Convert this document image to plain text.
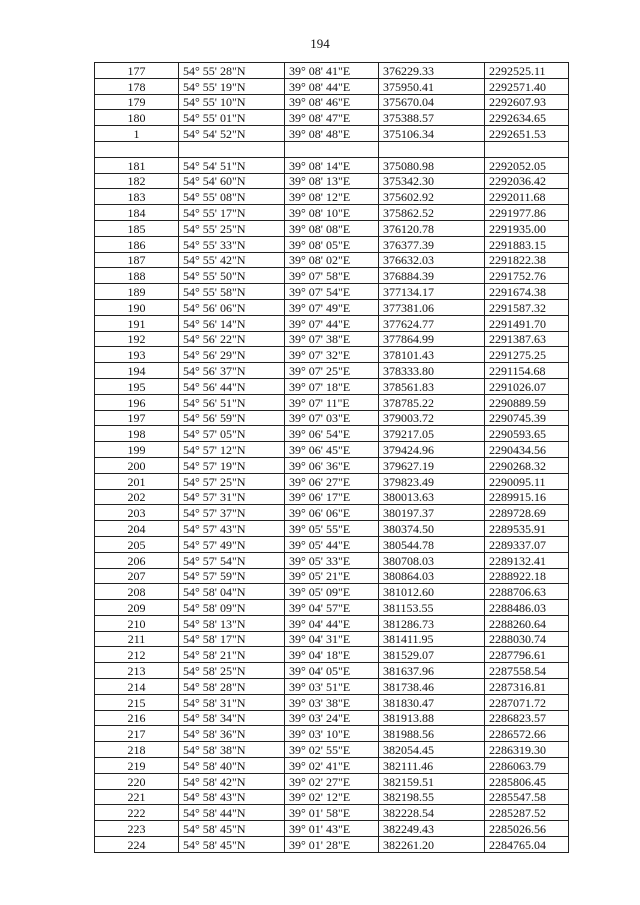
194
177	54° 55' 28"N	39° 08' 41"E	376229.33	2292525.11
178	54° 55' 19"N	39° 08' 44"E	375950.41	2292571.40
179	54° 55' 10"N	39° 08' 46"E	375670.04	2292607.93
180	54° 55' 01"N	39° 08' 47"E	375388.57	2292634.65
1	54° 54' 52"N	39° 08' 48"E	375106.34	2292651.53

181	54° 54' 51"N	39° 08' 14"E	375080.98	2292052.05
182	54° 54' 60"N	39° 08' 13"E	375342.30	2292036.42
183	54° 55' 08"N	39° 08' 12"E	375602.92	2292011.68
184	54° 55' 17"N	39° 08' 10"E	375862.52	2291977.86
185	54° 55' 25"N	39° 08' 08"E	376120.78	2291935.00
186	54° 55' 33"N	39° 08' 05"E	376377.39	2291883.15
187	54° 55' 42"N	39° 08' 02"E	376632.03	2291822.38
188	54° 55' 50"N	39° 07' 58"E	376884.39	2291752.76
189	54° 55' 58"N	39° 07' 54"E	377134.17	2291674.38
190	54° 56' 06"N	39° 07' 49"E	377381.06	2291587.32
191	54° 56' 14"N	39° 07' 44"E	377624.77	2291491.70
192	54° 56' 22"N	39° 07' 38"E	377864.99	2291387.63
193	54° 56' 29"N	39° 07' 32"E	378101.43	2291275.25
194	54° 56' 37"N	39° 07' 25"E	378333.80	2291154.68
195	54° 56' 44"N	39° 07' 18"E	378561.83	2291026.07
196	54° 56' 51"N	39° 07' 11"E	378785.22	2290889.59
197	54° 56' 59"N	39° 07' 03"E	379003.72	2290745.39
198	54° 57' 05"N	39° 06' 54"E	379217.05	2290593.65
199	54° 57' 12"N	39° 06' 45"E	379424.96	2290434.56
200	54° 57' 19"N	39° 06' 36"E	379627.19	2290268.32
201	54° 57' 25"N	39° 06' 27"E	379823.49	2290095.11
202	54° 57' 31"N	39° 06' 17"E	380013.63	2289915.16
203	54° 57' 37"N	39° 06' 06"E	380197.37	2289728.69
204	54° 57' 43"N	39° 05' 55"E	380374.50	2289535.91
205	54° 57' 49"N	39° 05' 44"E	380544.78	2289337.07
206	54° 57' 54"N	39° 05' 33"E	380708.03	2289132.41
207	54° 57' 59"N	39° 05' 21"E	380864.03	2288922.18
208	54° 58' 04"N	39° 05' 09"E	381012.60	2288706.63
209	54° 58' 09"N	39° 04' 57"E	381153.55	2288486.03
210	54° 58' 13"N	39° 04' 44"E	381286.73	2288260.64
211	54° 58' 17"N	39° 04' 31"E	381411.95	2288030.74
212	54° 58' 21"N	39° 04' 18"E	381529.07	2287796.61
213	54° 58' 25"N	39° 04' 05"E	381637.96	2287558.54
214	54° 58' 28"N	39° 03' 51"E	381738.46	2287316.81
215	54° 58' 31"N	39° 03' 38"E	381830.47	2287071.72
216	54° 58' 34"N	39° 03' 24"E	381913.88	2286823.57
217	54° 58' 36"N	39° 03' 10"E	381988.56	2286572.66
218	54° 58' 38"N	39° 02' 55"E	382054.45	2286319.30
219	54° 58' 40"N	39° 02' 41"E	382111.46	2286063.79
220	54° 58' 42"N	39° 02' 27"E	382159.51	2285806.45
221	54° 58' 43"N	39° 02' 12"E	382198.55	2285547.58
222	54° 58' 44"N	39° 01' 58"E	382228.54	2285287.52
223	54° 58' 45"N	39° 01' 43"E	382249.43	2285026.56
224	54° 58' 45"N	39° 01' 28"E	382261.20	2284765.04
